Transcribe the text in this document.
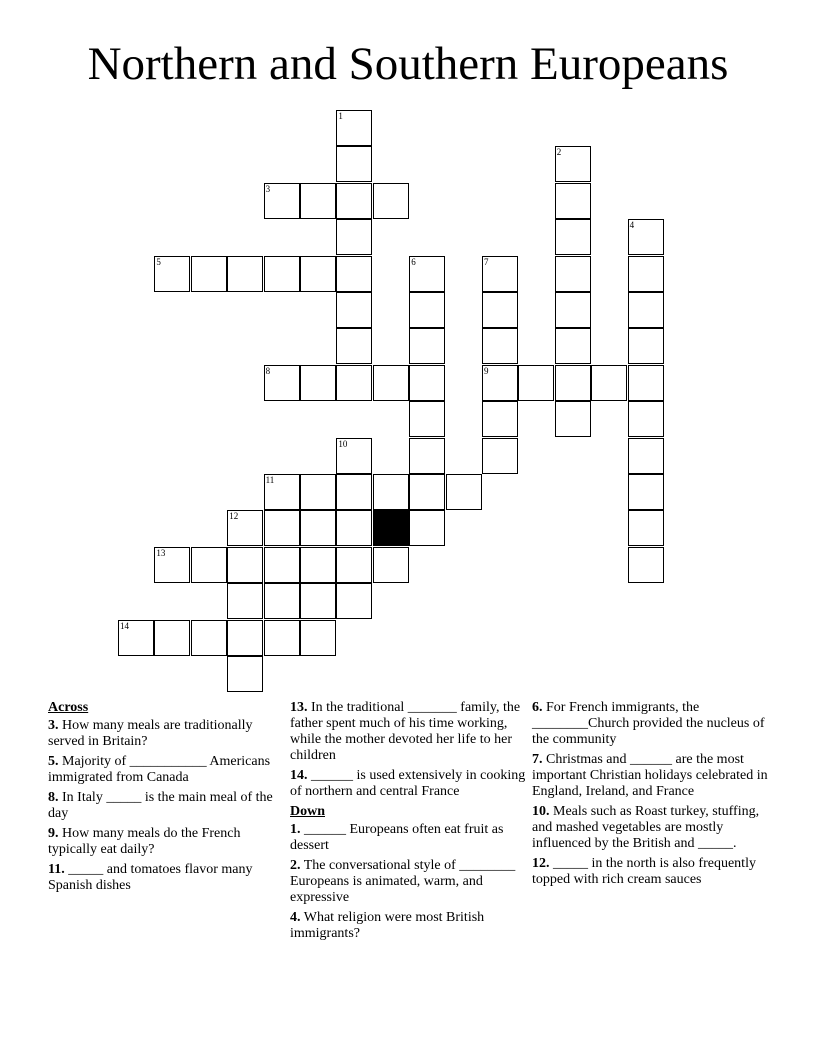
Northern and Southern Europeans
1
2
3
4
5	6	7
8	9
10
11
12
13
14
Across

3. How many meals are traditionally served in Britain?

5. Majority of ___________ Americans immigrated from Canada

8. In Italy _____ is the main meal of the day

9. How many meals do the French typically eat daily?

11. _____ and tomatoes flavor many Spanish dishes

13. In the traditional _______ family, the father spent much of his time working, while the mother devoted her life to her children

14. ______ is used extensively in cooking of northern and central France

Down

1. ______ Europeans often eat fruit as dessert

2. The conversational style of ________ Europeans is animated, warm, and expressive

4. What religion were most British immigrants?

6. For French immigrants, the ________Church provided the nucleus of the community

7. Christmas and ______ are the most important Christian holidays celebrated in England, Ireland, and France

10. Meals such as Roast turkey, stuffing, and mashed vegetables are mostly influenced by the British and _____.

12. _____ in the north is also frequently topped with rich cream sauces
